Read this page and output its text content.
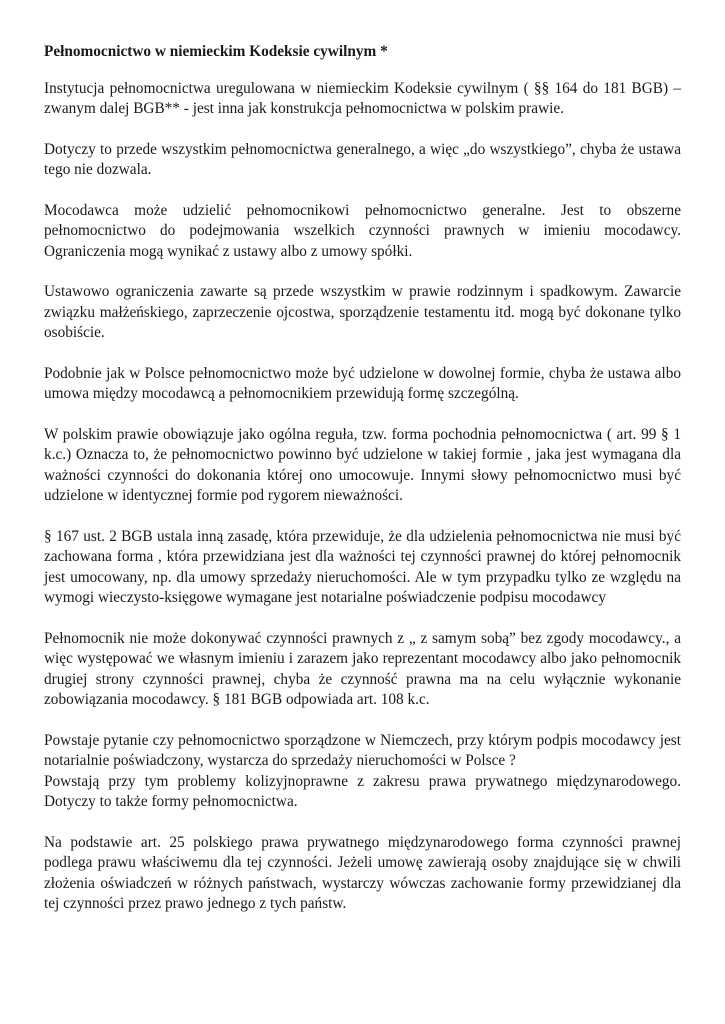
Pełnomocnictwo w niemieckim Kodeksie cywilnym *

Instytucja pełnomocnictwa uregulowana w niemieckim Kodeksie cywilnym ( §§ 164 do 181 BGB) – zwanym dalej BGB** - jest inna jak konstrukcja pełnomocnictwa w polskim prawie.

Dotyczy to przede wszystkim pełnomocnictwa generalnego, a więc „do wszystkiego”, chyba że ustawa tego nie dozwala.

Mocodawca może udzielić pełnomocnikowi pełnomocnictwo generalne. Jest to obszerne pełnomocnictwo do podejmowania wszelkich czynności prawnych w imieniu mocodawcy. Ograniczenia mogą wynikać z ustawy albo z umowy spółki.

Ustawowo ograniczenia zawarte są przede wszystkim w prawie rodzinnym i spadkowym. Zawarcie związku małżeńskiego, zaprzeczenie ojcostwa, sporządzenie testamentu itd. mogą być dokonane tylko osobiście.

Podobnie jak w Polsce pełnomocnictwo może być udzielone w dowolnej formie, chyba że ustawa albo umowa między mocodawcą a pełnomocnikiem przewidują formę szczególną.

W polskim prawie obowiązuje jako ogólna reguła, tzw. forma pochodnia pełnomocnictwa ( art. 99 § 1 k.c.) Oznacza to, że pełnomocnictwo powinno być udzielone w takiej formie , jaka jest wymagana dla ważności czynności do dokonania której ono umocowuje. Innymi słowy pełnomocnictwo musi być udzielone w identycznej formie pod rygorem nieważności.

§ 167 ust. 2 BGB ustala inną zasadę, która przewiduje, że dla udzielenia pełnomocnictwa nie musi być zachowana forma , która przewidziana jest dla ważności tej czynności prawnej do której pełnomocnik jest umocowany, np. dla umowy sprzedaży nieruchomości. Ale w tym przypadku tylko ze względu na wymogi wieczysto-księgowe wymagane jest notarialne poświadczenie podpisu mocodawcy

Pełnomocnik nie może dokonywać czynności prawnych z „ z samym sobą” bez zgody mocodawcy., a więc występować we własnym imieniu i zarazem jako reprezentant mocodawcy albo jako pełnomocnik drugiej strony czynności prawnej, chyba że czynność prawna ma na celu wyłącznie wykonanie zobowiązania mocodawcy. § 181 BGB odpowiada art. 108 k.c.

Powstaje pytanie czy pełnomocnictwo sporządzone w Niemczech, przy którym podpis mocodawcy jest notarialnie poświadczony, wystarcza do sprzedaży nieruchomości w Polsce ?

Powstają przy tym problemy kolizyjnoprawne z zakresu prawa prywatnego międzynarodowego. Dotyczy to także formy pełnomocnictwa.

Na podstawie art. 25 polskiego prawa prywatnego międzynarodowego forma czynności prawnej podlega prawu właściwemu dla tej czynności. Jeżeli umowę zawierają osoby znajdujące się w chwili złożenia oświadczeń w różnych państwach, wystarczy wówczas zachowanie formy przewidzianej dla tej czynności przez prawo jednego z tych państw.
